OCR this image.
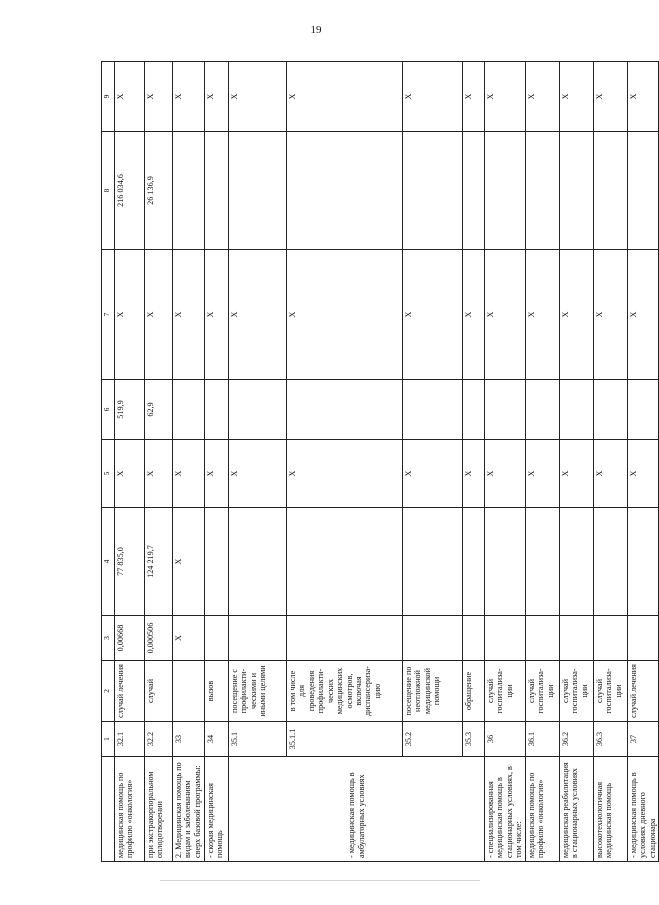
19
	1	2	3	4	5	6	7	8	9
медицинская помощь по профилю «онкология»	32.1	случай лечения	0,00668	77 835,0	X	519,9	X	216 034,6	X
при экстракорпоральном оплодотворении	32.2	случай	0,000506	124 219,7	X	62,9	X	26 136,9	X
2. Медицинская помощь по видам и заболеваниям сверх базовой программы:	33		X	X	X		X		X
- скорая медицинская помощь	34	вызов			X		X		X
- медицинская помощь в амбулаторных условиях	35.1	посещение с профилакти-ческими и иными целями			X		X		X
	35.1.1	в том числе для проведения профилакти-ческих медицинских осмотров, включая диспансериза-цию			X		X		X
	35.2	посещение по неотложной медицинской помощи			X		X		X
	35.3	обращение			X		X		X
- специализированная медицинская помощь в стационарных условиях, в том числе:	36	случай госпитализа-ции			X		X		X
медицинская помощь по профилю «онкология»	36.1	случай госпитализа-ции			X		X		X
медицинская реабилитация в стационарных условиях	36.2	случай госпитализа-ции			X		X		X
высокотехнологичная медицинская помощь	36.3	случай госпитализа-ции			X		X		X
- медицинская помощь в условиях дневного стационара	37	случай лечения			X		X		X
